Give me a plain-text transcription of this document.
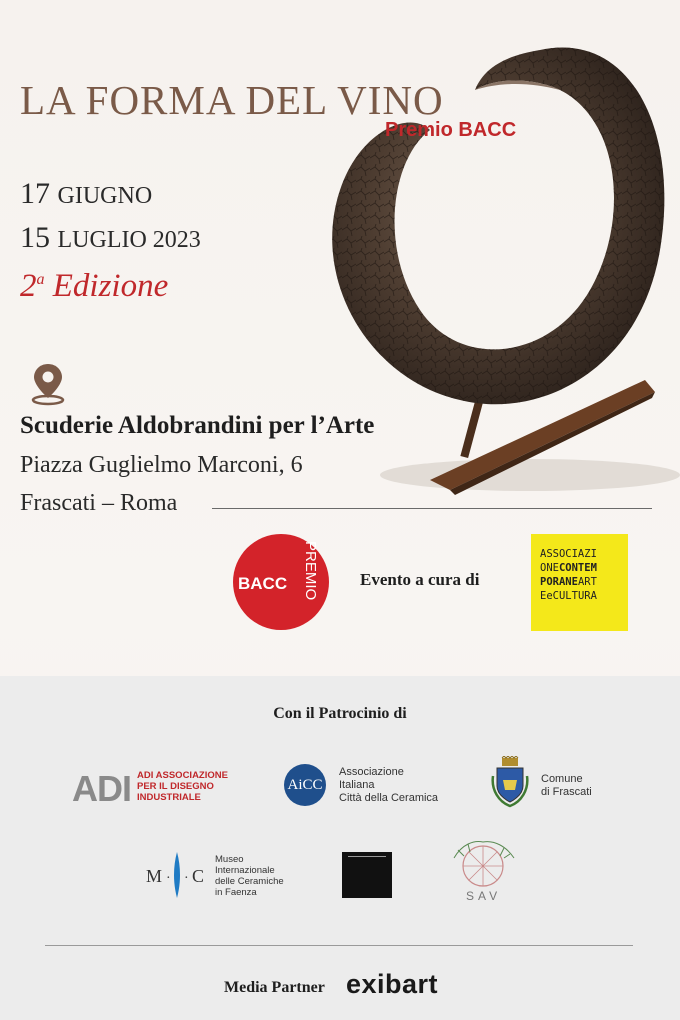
LA FORMA DEL VINO
Premio BACC
17 GIUGNO
15 LUGLIO 2023
2$^a$ Edizione
Scuderie Aldobrandini per l’Arte
Piazza Guglielmo Marconi, 6
Frascati – Roma
BACC PREMIO Evento a cura di
ASSOCIAZI
ONECONTEM
PORANEART
EeCULTURA
Con il Patrocinio di
ADI ADI ASSOCIAZIONE
PER IL DISEGNO
INDUSTRIALE
AiCC
Associazione
Italiana
Città della Ceramica
Comune
di Frascati
M · · C
Museo
Internazionale
delle Ceramiche
in Faenza	SAV
Media Partner exibart
